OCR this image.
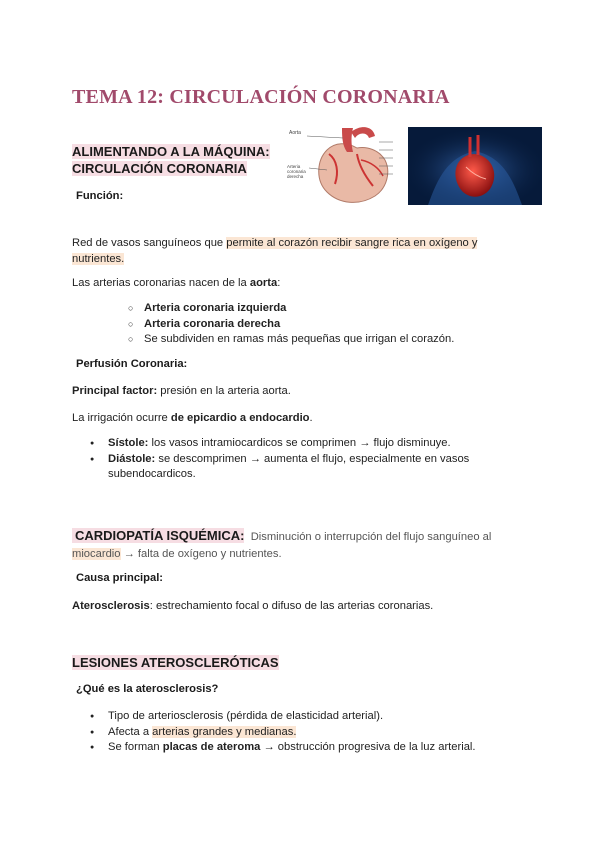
TEMA 12: CIRCULACIÓN CORONARIA
ALIMENTANDO A LA MÁQUINA:
CIRCULACIÓN CORONARIA
Aorta
Arteria coronaria derecha
Función:
Red de vasos sanguíneos que permite al corazón recibir sangre rica en oxígeno y
nutrientes.
Las arterias coronarias nacen de la aorta:
○ Arteria coronaria izquierda
○ Arteria coronaria derecha
○ Se subdividen en ramas más pequeñas que irrigan el corazón.
Perfusión Coronaria:
Principal factor: presión en la arteria aorta.
La irrigación ocurre de epicardio a endocardio.
● Sístole: los vasos intramiocardicos se comprimen → flujo disminuye.
● Diástole: se descomprimen → aumenta el flujo, especialmente en vasos
subendocardicos.
CARDIOPATÍA ISQUÉMICA: Disminución o interrupción del flujo sanguíneo al
miocardio → falta de oxígeno y nutrientes.
Causa principal:
Aterosclerosis: estrechamiento focal o difuso de las arterias coronarias.
LESIONES ATEROSCLERÓTICAS
¿Qué es la aterosclerosis?
● Tipo de arteriosclerosis (pérdida de elasticidad arterial).
● Afecta a arterias grandes y medianas.
● Se forman placas de ateroma → obstrucción progresiva de la luz arterial.
